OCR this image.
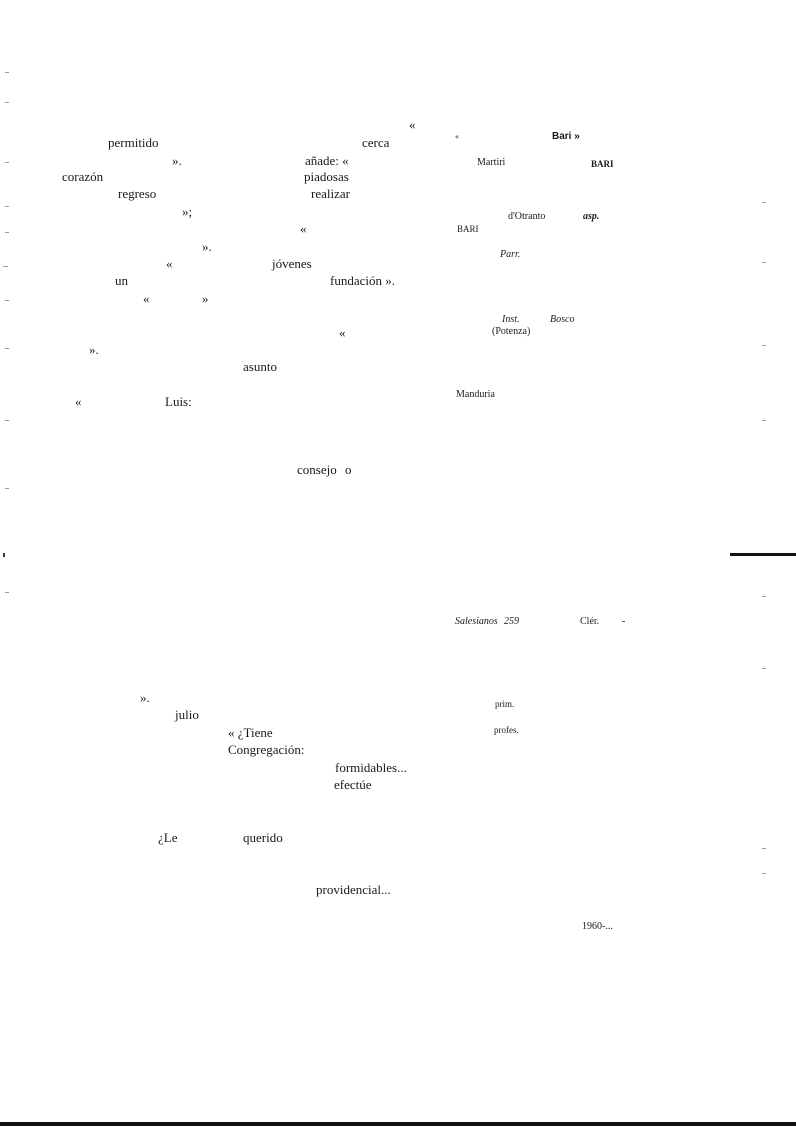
«
permitido	cerca
».	añade: «
corazón	piadosas
regreso	realizar
»;
«
».
«	jóvenes
un	fundación ».
«	»
«
».
asunto
«	Luis:
consejo o
».
julio
« ¿Tiene
Congregación:
formidables...
efectúe
¿Le	querido
providencial...
«	Bari »
Martiri	BARI
d'Otranto	asp.
BARI
Parr.
Inst.	Bosco
(Potenza)
Manduria
Salesianos 259	Clér. -
prim.
profes.
1960-...
